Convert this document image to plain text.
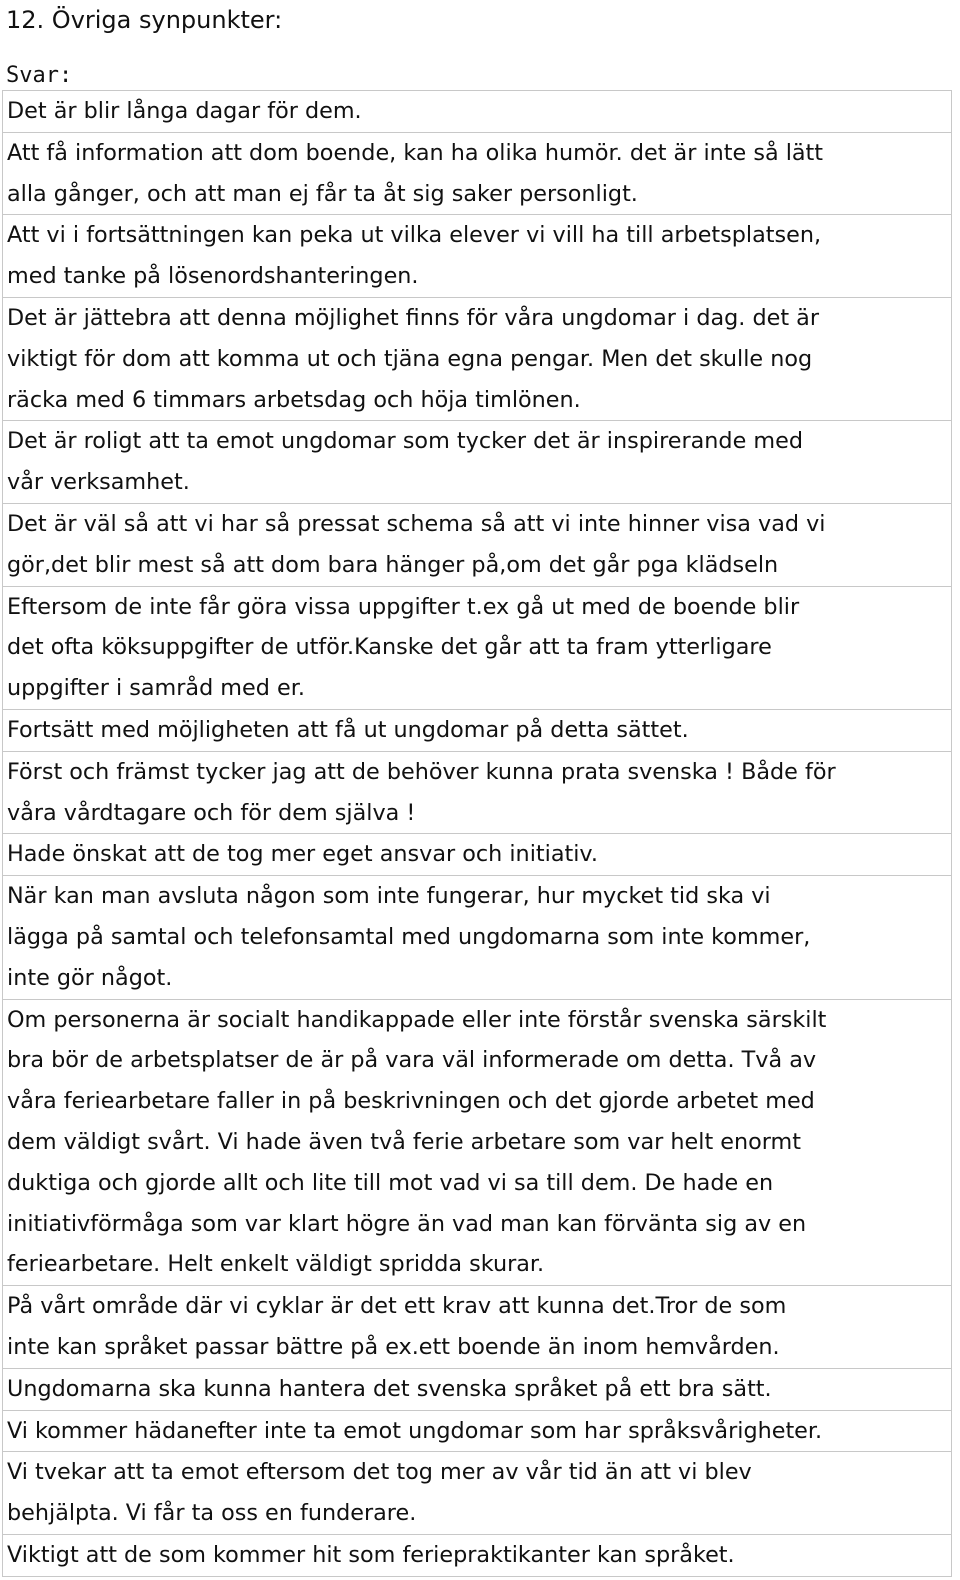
12. Övriga synpunkter:
Svar:
Det är blir långa dagar för dem.
Att få information att dom boende, kan ha olika humör. det är inte så lätt
alla gånger, och att man ej får ta åt sig saker personligt.
Att vi i fortsättningen kan peka ut vilka elever vi vill ha till arbetsplatsen,
med tanke på lösenordshanteringen.
Det är jättebra att denna möjlighet finns för våra ungdomar i dag. det är
viktigt för dom att komma ut och tjäna egna pengar. Men det skulle nog
räcka med 6 timmars arbetsdag och höja timlönen.
Det är roligt att ta emot ungdomar som tycker det är inspirerande med
vår verksamhet.
Det är väl så att vi har så pressat schema så att vi inte hinner visa vad vi
gör,det blir mest så att dom bara hänger på,om det går pga klädseln
Eftersom de inte får göra vissa uppgifter t.ex gå ut med de boende blir
det ofta köksuppgifter de utför.Kanske det går att ta fram ytterligare
uppgifter i samråd med er.
Fortsätt med möjligheten att få ut ungdomar på detta sättet.
Först och främst tycker jag att de behöver kunna prata svenska ! Både för
våra vårdtagare och för dem själva !
Hade önskat att de tog mer eget ansvar och initiativ.
När kan man avsluta någon som inte fungerar, hur mycket tid ska vi
lägga på samtal och telefonsamtal med ungdomarna som inte kommer,
inte gör något.
Om personerna är socialt handikappade eller inte förstår svenska särskilt
bra bör de arbetsplatser de är på vara väl informerade om detta. Två av
våra feriearbetare faller in på beskrivningen och det gjorde arbetet med
dem väldigt svårt. Vi hade även två ferie arbetare som var helt enormt
duktiga och gjorde allt och lite till mot vad vi sa till dem. De hade en
initiativförmåga som var klart högre än vad man kan förvänta sig av en
feriearbetare. Helt enkelt väldigt spridda skurar.
På vårt område där vi cyklar är det ett krav att kunna det.Tror de som
inte kan språket passar bättre på ex.ett boende än inom hemvården.
Ungdomarna ska kunna hantera det svenska språket på ett bra sätt.
Vi kommer hädanefter inte ta emot ungdomar som har språksvårigheter.
Vi tvekar att ta emot eftersom det tog mer av vår tid än att vi blev
behjälpta. Vi får ta oss en funderare.
Viktigt att de som kommer hit som feriepraktikanter kan språket.
